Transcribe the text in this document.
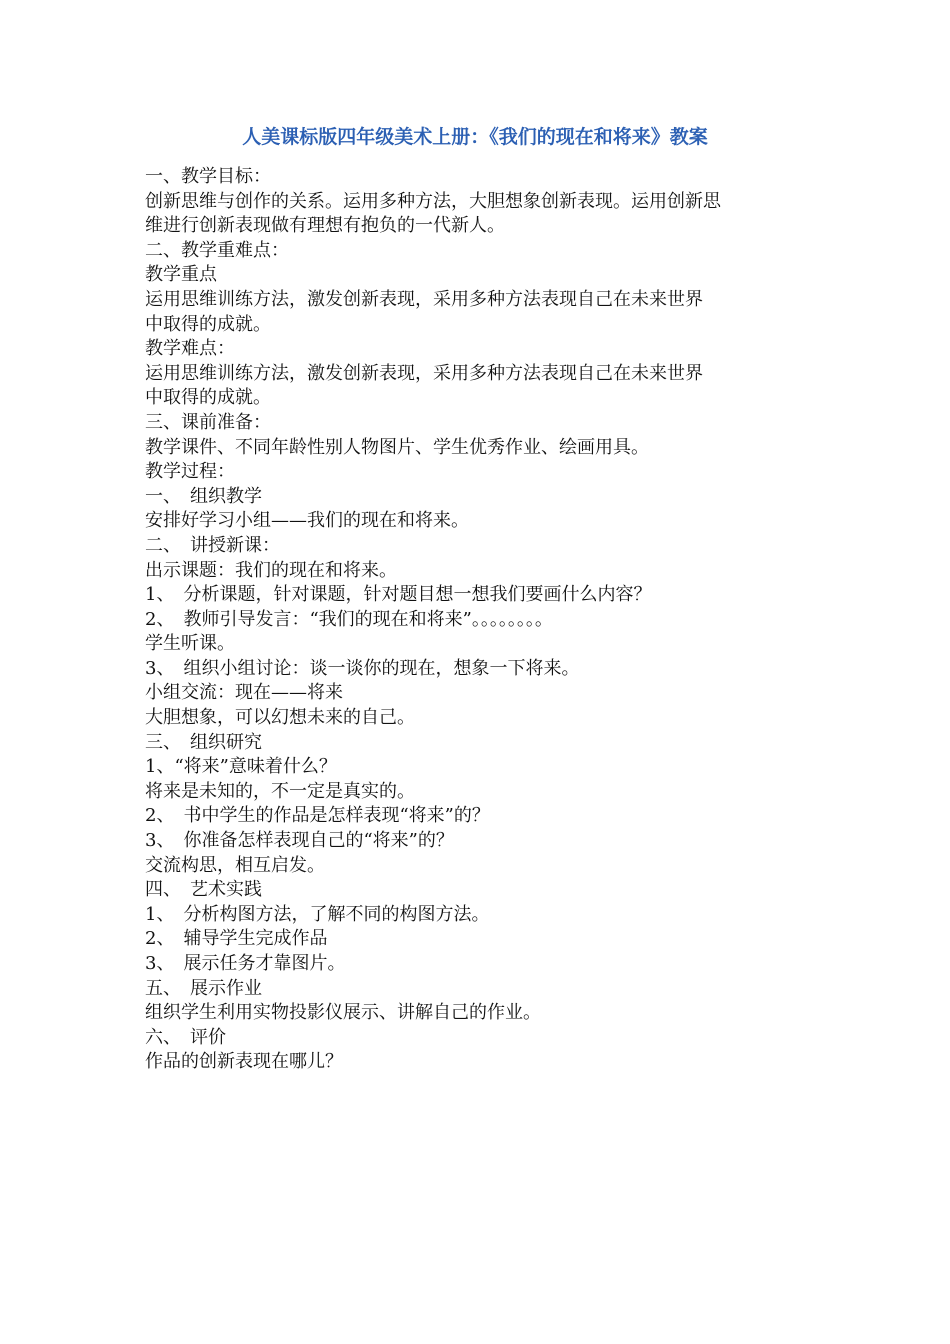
人美课标版四年级美术上册：《我们的现在和将来》教案

一、教学目标：

创新思维与创作的关系。运用多种方法，大胆想象创新表现。运用创新思

维进行创新表现做有理想有抱负的一代新人。

二、教学重难点：

教学重点

运用思维训练方法，激发创新表现，采用多种方法表现自己在未来世界

中取得的成就。

教学难点：

运用思维训练方法，激发创新表现，采用多种方法表现自己在未来世界

中取得的成就。

三、课前准备：

教学课件、不同年龄性别人物图片、学生优秀作业、绘画用具。

教学过程：

一、　组织教学

安排好学习小组——我们的现在和将来。

二、　讲授新课：

出示课题：我们的现在和将来。

1、　分析课题，针对课题，针对题目想一想我们要画什么内容？

2、　教师引导发言：“我们的现在和将来”。。。。。。。。

学生听课。

3、　组织小组讨论：谈一谈你的现在，想象一下将来。

小组交流：现在——将来

大胆想象，可以幻想未来的自己。

三、　组织研究

1、“将来”意味着什么？

将来是未知的，不一定是真实的。

2、　书中学生的作品是怎样表现“将来”的？

3、　你准备怎样表现自己的“将来”的？

交流构思，相互启发。

四、　艺术实践

1、　分析构图方法，了解不同的构图方法。

2、　辅导学生完成作品

3、　展示任务才靠图片。

五、　展示作业

组织学生利用实物投影仪展示、讲解自己的作业。

六、　评价

作品的创新表现在哪儿？
